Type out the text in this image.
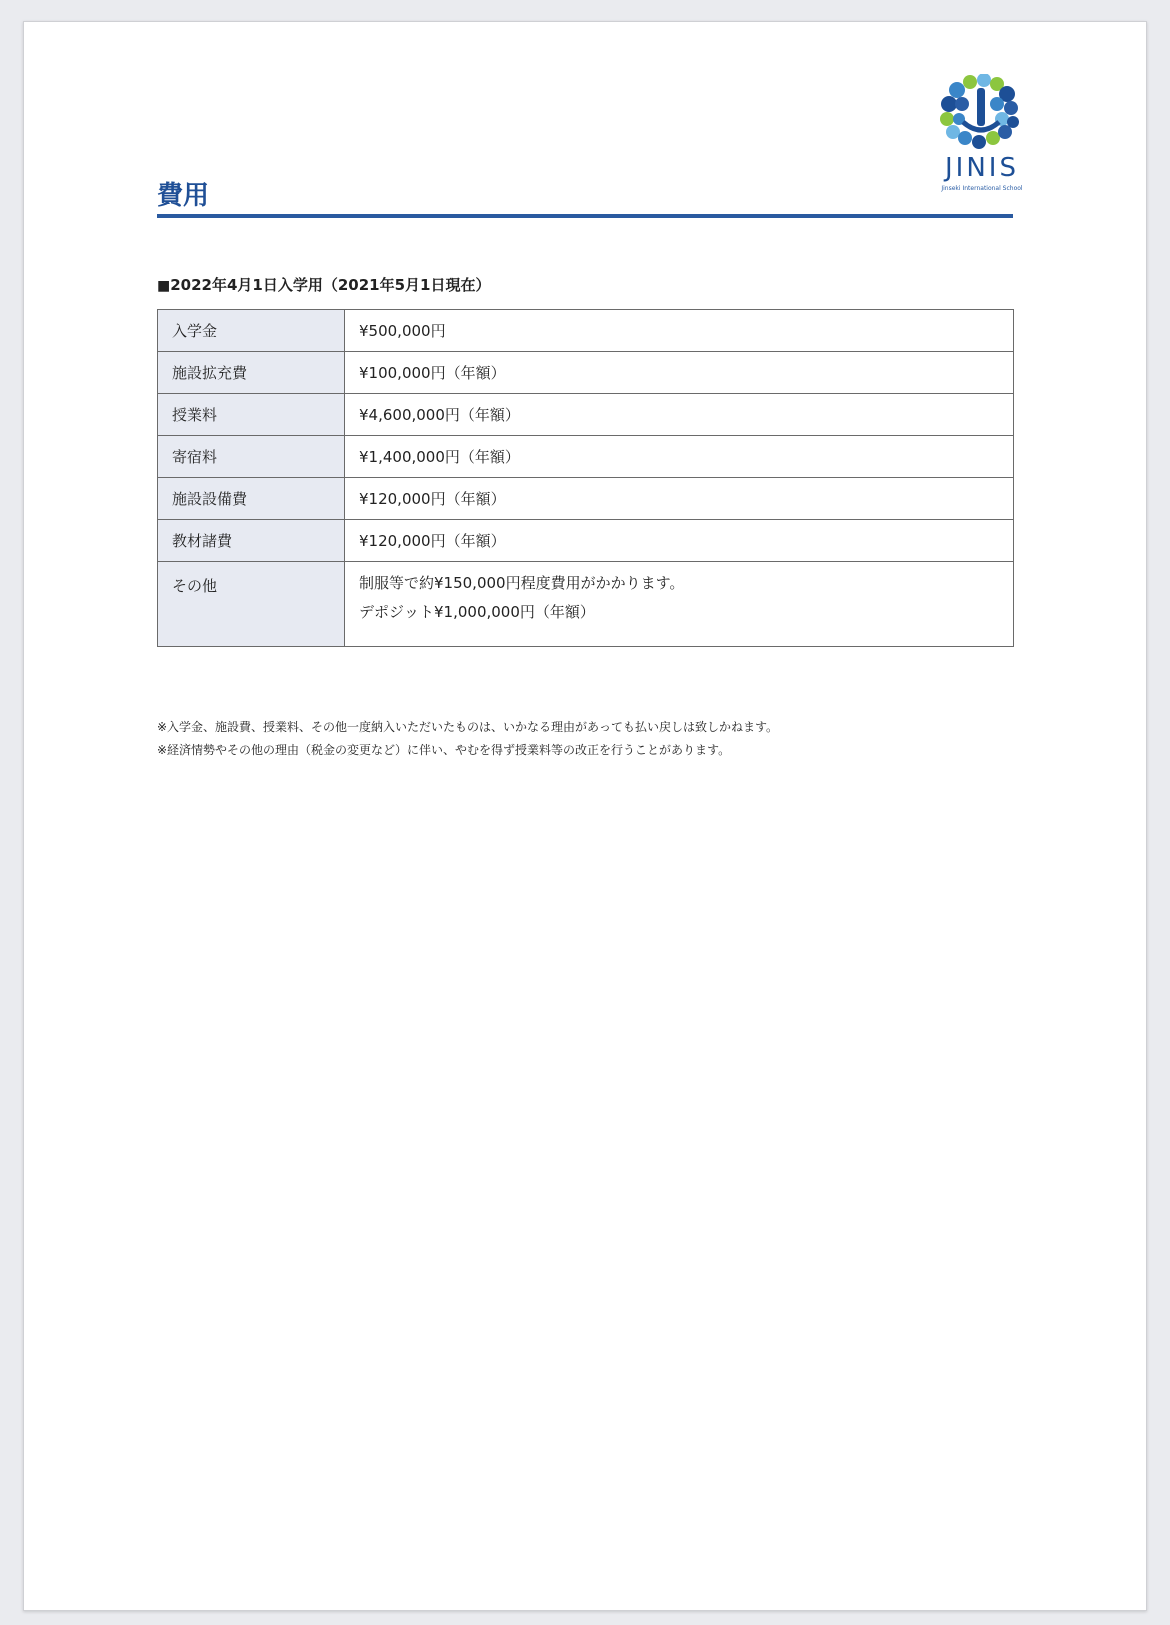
JINIS
Jinseki International School
費用
■2022年4月1日入学用（2021年5月1日現在）
入学金	¥500,000円
施設拡充費	¥100,000円（年額）
授業料	¥4,600,000円（年額）
寄宿料	¥1,400,000円（年額）
施設設備費	¥120,000円（年額）
教材諸費	¥120,000円（年額）
その他	制服等で約¥150,000円程度費用がかかります。
デポジット¥1,000,000円（年額）
※入学金、施設費、授業料、その他一度納入いただいたものは、いかなる理由があっても払い戻しは致しかねます。
※経済情勢やその他の理由（税金の変更など）に伴い、やむを得ず授業料等の改正を行うことがあります。
